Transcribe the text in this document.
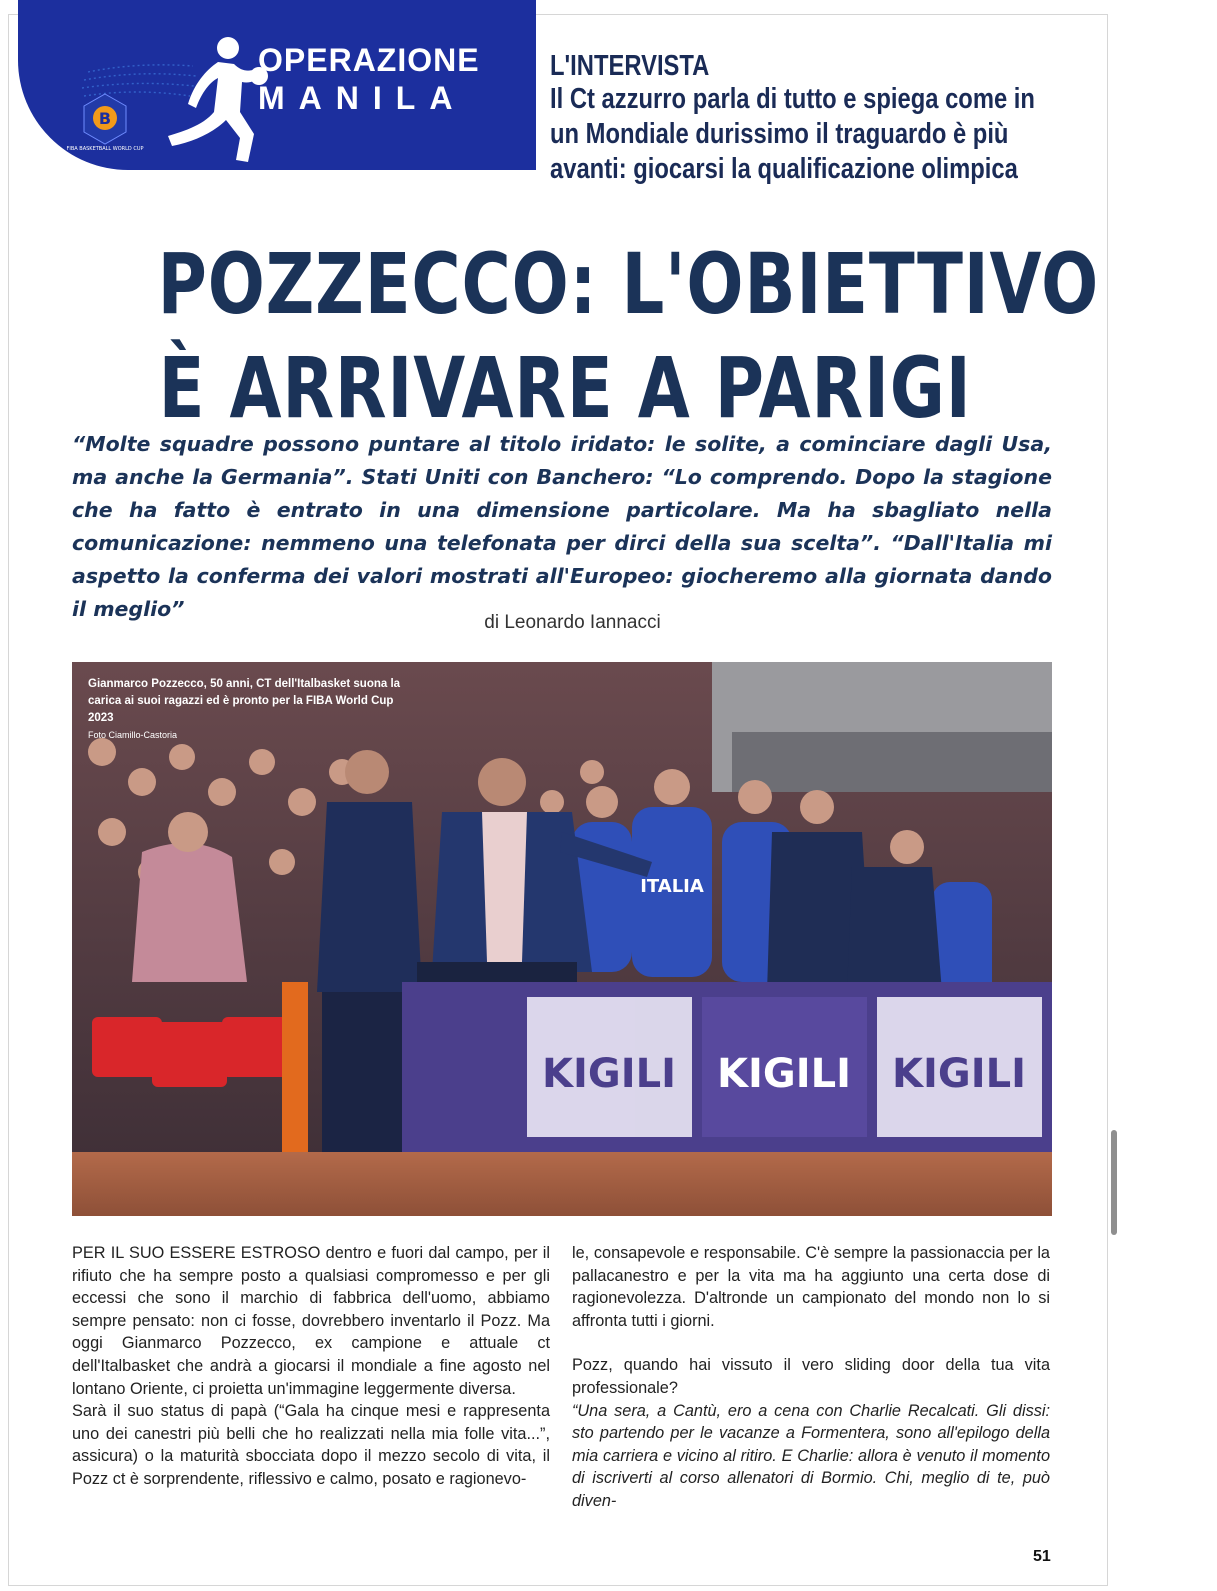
B
FIBA BASKETBALL WORLD CUP
OPERAZIONE
MANILA
L'INTERVISTA
Il Ct azzurro parla di tutto e spiega come in un Mondiale durissimo il traguardo è più avanti: giocarsi la qualificazione olimpica
POZZECCO: L'OBIETTIVO
È ARRIVARE A PARIGI
“Molte squadre possono puntare al titolo iridato: le solite, a cominciare dagli Usa, ma anche la Germania”. Stati Uniti con Banchero: “Lo comprendo. Dopo la stagione che ha fatto è entrato in una dimensione particolare. Ma ha sbagliato nella comunicazione: nemmeno una telefonata per dirci della sua scelta”. “Dall'Italia mi aspetto la conferma dei valori mostrati all'Europeo: giocheremo alla giornata dando il meglio”
di Leonardo Iannacci
KIGILI KIGILI KIGILI
ITALIA
Gianmarco Pozzecco, 50 anni, CT dell'Italbasket suona la carica ai suoi ragazzi ed è pronto per la FIBA World Cup 2023
Foto Ciamillo-Castoria

PER IL SUO ESSERE ESTROSO dentro e fuori dal campo, per il rifiuto che ha sempre posto a qualsiasi compromesso e per gli eccessi che sono il marchio di fabbrica dell'uomo, abbiamo sempre pensato: non ci fosse, dovrebbero inventarlo il Pozz. Ma oggi Gianmarco Pozzecco, ex campione e attuale ct dell'Italbasket che andrà a giocarsi il mondiale a fine agosto nel lontano Oriente, ci proietta un'immagine leggermente diversa.

Sarà il suo status di papà (“Gala ha cinque mesi e rappresenta uno dei canestri più belli che ho realizzati nella mia folle vita...”, assicura) o la maturità sbocciata dopo il mezzo secolo di vita, il Pozz ct è sorprendente, riflessivo e calmo, posato e ragionevo-

le, consapevole e responsabile. C'è sempre la passionaccia per la pallacanestro e per la vita ma ha aggiunto una certa dose di ragionevolezza. D'altronde un campionato del mondo non lo si affronta tutti i giorni.

Pozz, quando hai vissuto il vero sliding door della tua vita professionale?

“Una sera, a Cantù, ero a cena con Charlie Recalcati. Gli dissi: sto partendo per le vacanze a Formentera, sono all'epilogo della mia carriera e vicino al ritiro. E Charlie: allora è venuto il momento di iscriverti al corso allenatori di Bormio. Chi, meglio di te, può diven-

51
